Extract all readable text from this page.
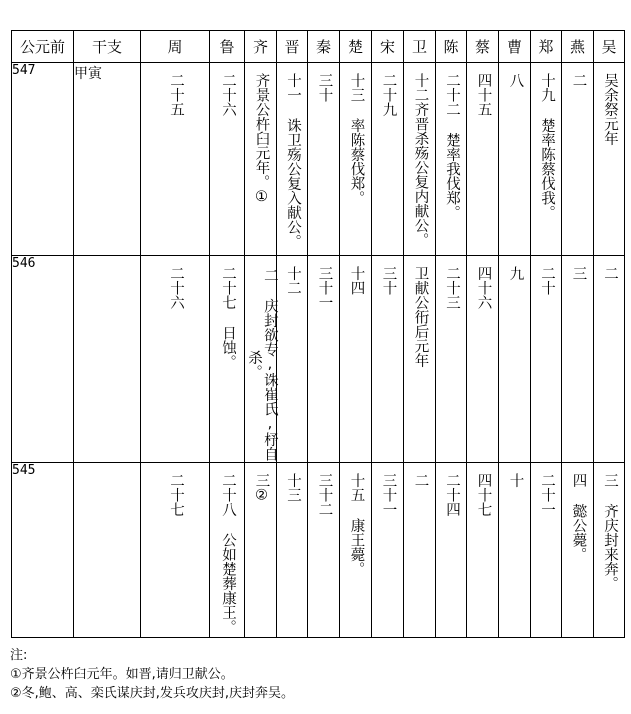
公元前	干支	周	鲁	齐	晋	秦	楚	宋	卫	陈	蔡	曹	郑	燕	吴
547	甲寅	二十五	二十六	齐景公杵臼元年。①	十一 诛卫殇公复入献公。	三十	十三 率陈蔡伐郑。	二十九	十二齐晋杀殇公复内献公。	二十二 楚率我伐郑。	四十五	八	十九 楚率陈蔡伐我。	二	吴余祭元年

546		二十六	二十七 日蚀。	二 庆封欲专,诛崔氏,杼自杀。	十二	三十一	十四	三十	卫献公衎后元年	二十三	四十六	九	二十	三	二

545		二十七	二十八 公如楚葬康王。	三②	十三	三十二	十五 康王薨。	三十一	二	二十四	四十七	十	二十一	四 懿公薨。	三 齐庆封来奔。
注:
①齐景公杵臼元年。如晋,请归卫献公。
②冬,鲍、高、栾氏谋庆封,发兵攻庆封,庆封奔吴。
